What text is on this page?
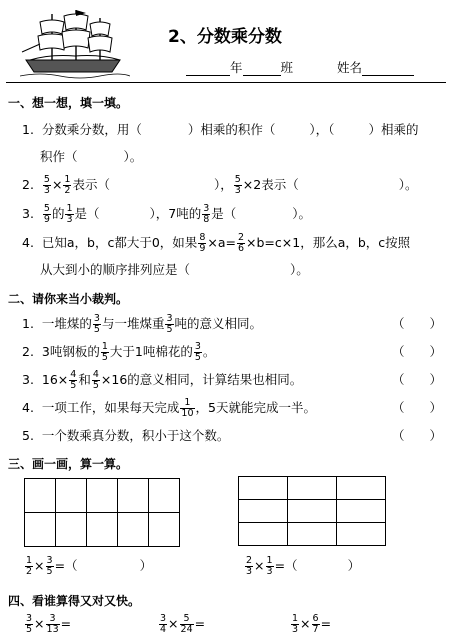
2、分数乘分数
年	班	姓名
一、想一想，填一填。
1. 分数乘分数，用（	）相乘的积作（	），（	）相乘的
积作（	）。
2. $\frac{5}{3} \times \frac{1}{2}$ 表示（	）， $\frac{5}{3} \times 2$表示（	）。
3. $\frac{5}{9}$ 的 $\frac{1}{3}$ 是（	），7吨的 $\frac{3}{8}$ 是（	）。
4. 已知a，b，c都大于0，如果 $\frac{8}{9} \times a= \frac{2}{6} \times b=c\times 1$，那么a，b，c按照
从大到小的顺序排列应是（	）。
二、请你来当小裁判。
1. 一堆煤的 $\frac{3}{5}$ 与一堆煤重 $\frac{3}{5}$ 吨的意义相同。	（　　）
2. 3吨钢板的 $\frac{1}{5}$ 大于1吨棉花的 $\frac{3}{5}$ 。	（　　）
3. $16\times \frac{4}{5}$ 和 $\frac{4}{5} \times 16$的意义相同，计算结果也相同。	（　　）
4. 一项工作，如果每天完成 $\frac{1}{10}$ ，5天就能完成一半。	（　　）
5. 一个数乘真分数，积小于这个数。	（　　）
三、画一画，算一算。

$\frac{1}{2} \times \frac{3}{5}$ =（	）	$\frac{2}{3} \times \frac{1}{3}$ =（	）
四、看谁算得又对又快。
$\frac{3}{5} \times \frac{3}{13}$ =	$\frac{3}{4} \times \frac{5}{24}$ =	$\frac{1}{3} \times \frac{6}{7}$ =
